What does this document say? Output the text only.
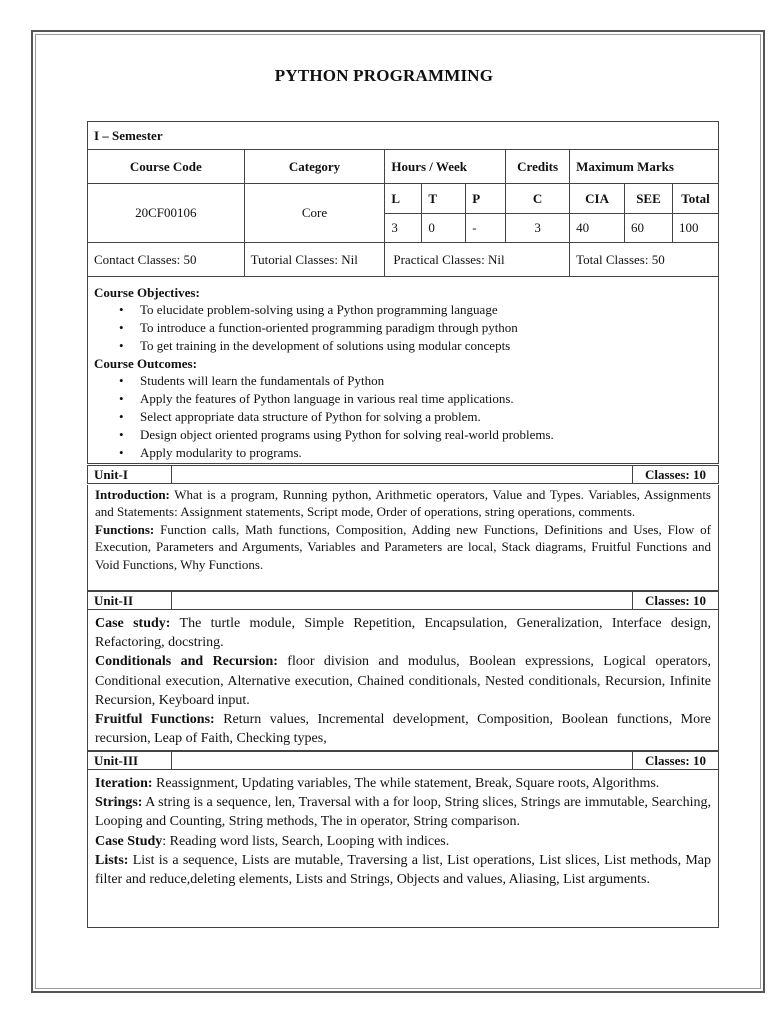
PYTHON PROGRAMMING
I – Semester								
Course Code	Category	Hours / Week			Credits	Maximum Marks		
20CF00106	Core	L	T	P	C	CIA	SEE	Total
		3	0	-	3	40	60	100
Contact Classes: 50	Tutorial Classes: Nil	Practical Classes: Nil				Total Classes: 50		
Course Objectives:
• To elucidate problem-solving using a Python programming language
• To introduce a function-oriented programming paradigm through python
• To get training in the development of solutions using modular concepts
Course Outcomes:
• Students will learn the fundamentals of Python
• Apply the features of Python language in various real time applications.
• Select appropriate data structure of Python for solving a problem.
• Design object oriented programs using Python for solving real-world problems.
• Apply modularity to programs.
Unit-I	Classes: 10

Introduction: What is a program, Running python, Arithmetic operators, Value and Types. Variables, Assignments and Statements: Assignment statements, Script mode, Order of operations, string operations, comments.

Functions: Function calls, Math functions, Composition, Adding new Functions, Definitions and Uses, Flow of Execution, Parameters and Arguments, Variables and Parameters are local, Stack diagrams, Fruitful Functions and Void Functions, Why Functions.

Unit-II	Classes: 10

Case study: The turtle module, Simple Repetition, Encapsulation, Generalization, Interface design, Refactoring, docstring.

Conditionals and Recursion: floor division and modulus, Boolean expressions, Logical operators, Conditional execution, Alternative execution, Chained conditionals, Nested conditionals, Recursion, Infinite Recursion, Keyboard input.

Fruitful Functions: Return values, Incremental development, Composition, Boolean functions, More recursion, Leap of Faith, Checking types,

Unit-III	Classes: 10

Iteration: Reassignment, Updating variables, The while statement, Break, Square roots, Algorithms.

Strings: A string is a sequence, len, Traversal with a for loop, String slices, Strings are immutable, Searching, Looping and Counting, String methods, The in operator, String comparison.

Case Study: Reading word lists, Search, Looping with indices.

Lists: List is a sequence, Lists are mutable, Traversing a list, List operations, List slices, List methods, Map filter and reduce,deleting elements, Lists and Strings, Objects and values, Aliasing, List arguments.
